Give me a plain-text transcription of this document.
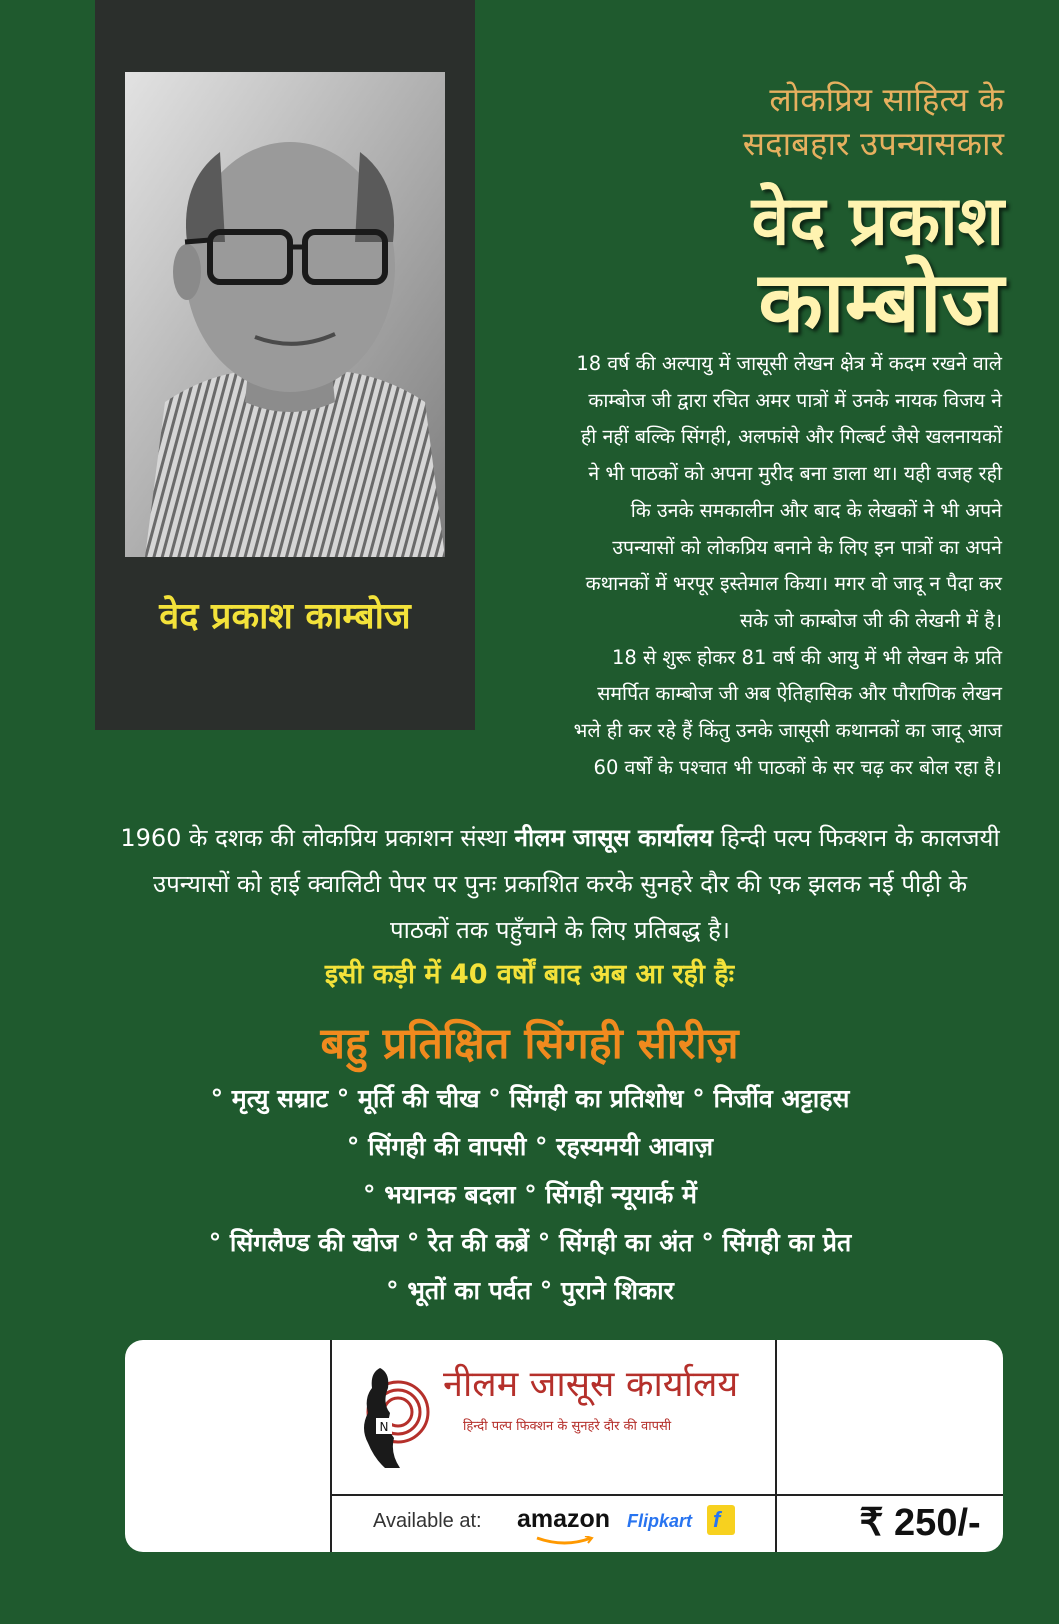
वेद प्रकाश काम्बोज
लोकप्रिय साहित्य के
सदाबहार उपन्यासकार
वेद प्रकाश
काम्बोज

18 वर्ष की अल्पायु में जासूसी लेखन क्षेत्र में कदम रखने वाले

काम्बोज जी द्वारा रचित अमर पात्रों में उनके नायक विजय ने

ही नहीं बल्कि सिंगही, अलफांसे और गिल्बर्ट जैसे खलनायकों

ने भी पाठकों को अपना मुरीद बना डाला था। यही वजह रही

कि उनके समकालीन और बाद के लेखकों ने भी अपने

उपन्यासों को लोकप्रिय बनाने के लिए इन पात्रों का अपने

कथानकों में भरपूर इस्तेमाल किया। मगर वो जादू न पैदा कर

सके जो काम्बोज जी की लेखनी में है।

18 से शुरू होकर 81 वर्ष की आयु में भी लेखन के प्रति

समर्पित काम्बोज जी अब ऐतिहासिक और पौराणिक लेखन

भले ही कर रहे हैं किंतु उनके जासूसी कथानकों का जादू आज

60 वर्षों के पश्चात भी पाठकों के सर चढ़ कर बोल रहा है।

1960 के दशक की लोकप्रिय प्रकाशन संस्था नीलम जासूस कार्यालय हिन्दी पल्प फिक्शन के कालजयी उपन्यासों को हाई क्वालिटी पेपर पर पुनः प्रकाशित करके सुनहरे दौर की एक झलक नई पीढ़ी के पाठकों तक पहुँचाने के लिए प्रतिबद्ध है।
इसी कड़ी में 40 वर्षों बाद अब आ रही हैः
बहु प्रतिक्षित सिंगही सीरीज़
° मृत्यु सम्राट ° मूर्ति की चीख ° सिंगही का प्रतिशोध ° निर्जीव अट्टाहस
° सिंगही की वापसी ° रहस्यमयी आवाज़
° भयानक बदला ° सिंगही न्यूयार्क में
° सिंगलैण्ड की खोज ° रेत की कब्रें ° सिंगही का अंत ° सिंगही का प्रेत
° भूतों का पर्वत ° पुराने शिकार
N
नीलम जासूस कार्यालय
हिन्दी पल्प फिक्शन के सुनहरे दौर की वापसी
Available at: amazon Flipkart f	₹ 250/-
